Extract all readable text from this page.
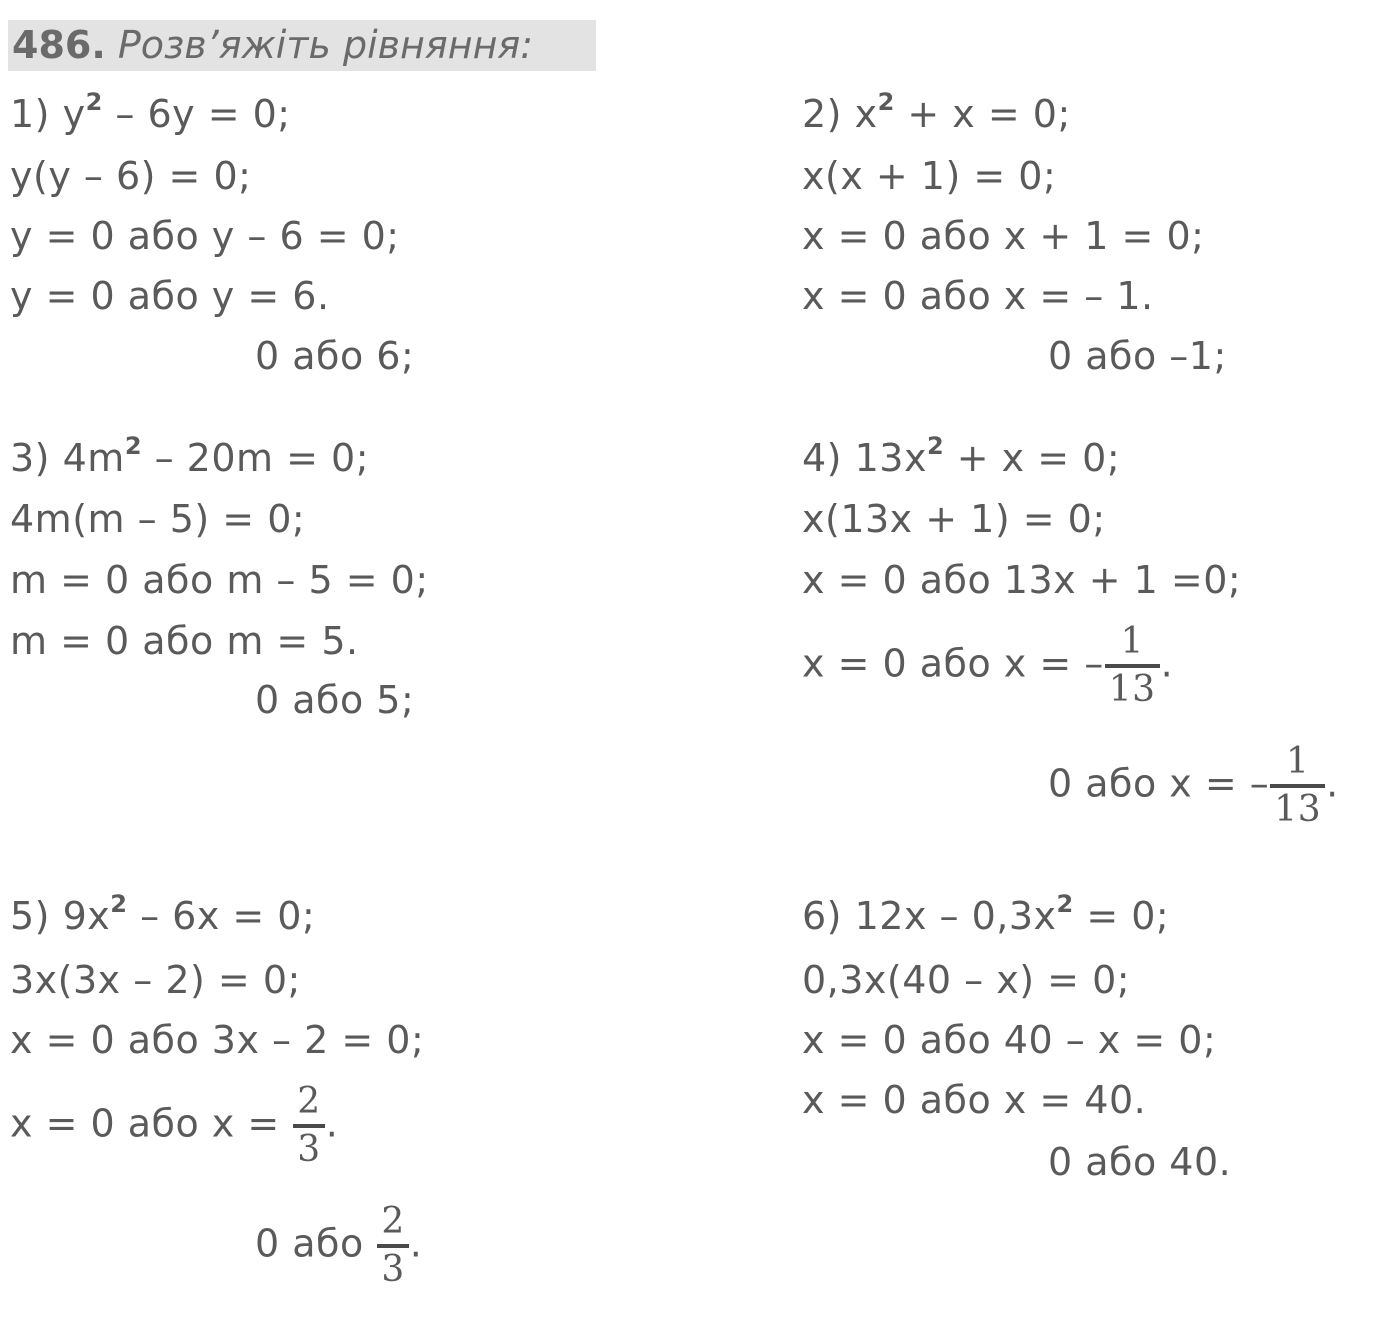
486. Розв’яжіть рівняння:
1) $y^2 - 6y = 0$;
y(y – 6) = 0;
y = 0 або y – 6 = 0;
y = 0 або y = 6.
0 або 6;
2) $x^2 + x = 0$;
x(x + 1) = 0;
x = 0 або x + 1 = 0;
x = 0 або x = – 1.
0 або –1;
3) $4m^2 - 20m = 0$;
4m(m – 5) = 0;
m = 0 або m – 5 = 0;
m = 0 або m = 5.
0 або 5;
4) $13x^2 + x = 0$;
x(13x + 1) = 0;
x = 0 або 13x + 1 =0;
x = 0 або x = – $\frac{1}{13}$ .
0 або x = – $\frac{1}{13}$ .
5) $9x^2 - 6x = 0$;
3x(3x – 2) = 0;
x = 0 або 3x – 2 = 0;
x = 0 або $x = \frac{2}{3}$ .
0 або $\frac{2}{3}$ .
6) $12x - 0,3x^2 = 0$;
0,3x(40 – x) = 0;
x = 0 або 40 – x = 0;
x = 0 або x = 40.
0 або 40.
